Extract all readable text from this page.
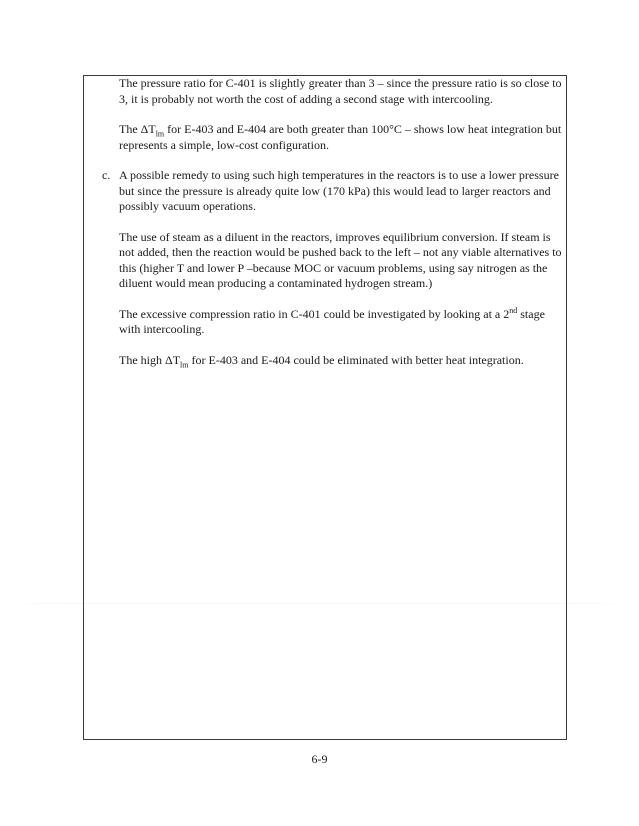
The pressure ratio for C-401 is slightly greater than 3 – since the pressure ratio is so close to 3, it is probably not worth the cost of adding a second stage with intercooling.

The $\Delta T_{lm}$ for E-403 and E-404 are both greater than 100°C – shows low heat integration but represents a simple, low-cost configuration.

c. A possible remedy to using such high temperatures in the reactors is to use a lower pressure but since the pressure is already quite low (170 kPa) this would lead to larger reactors and possibly vacuum operations.

The use of steam as a diluent in the reactors, improves equilibrium conversion. If steam is not added, then the reaction would be pushed back to the left – not any viable alternatives to this (higher T and lower P –because MOC or vacuum problems, using say nitrogen as the diluent would mean producing a contaminated hydrogen stream.)

The excessive compression ratio in C-401 could be investigated by looking at a 2nd stage with intercooling.

The high $\Delta T_{lm}$ for E-403 and E-404 could be eliminated with better heat integration.

6-9
